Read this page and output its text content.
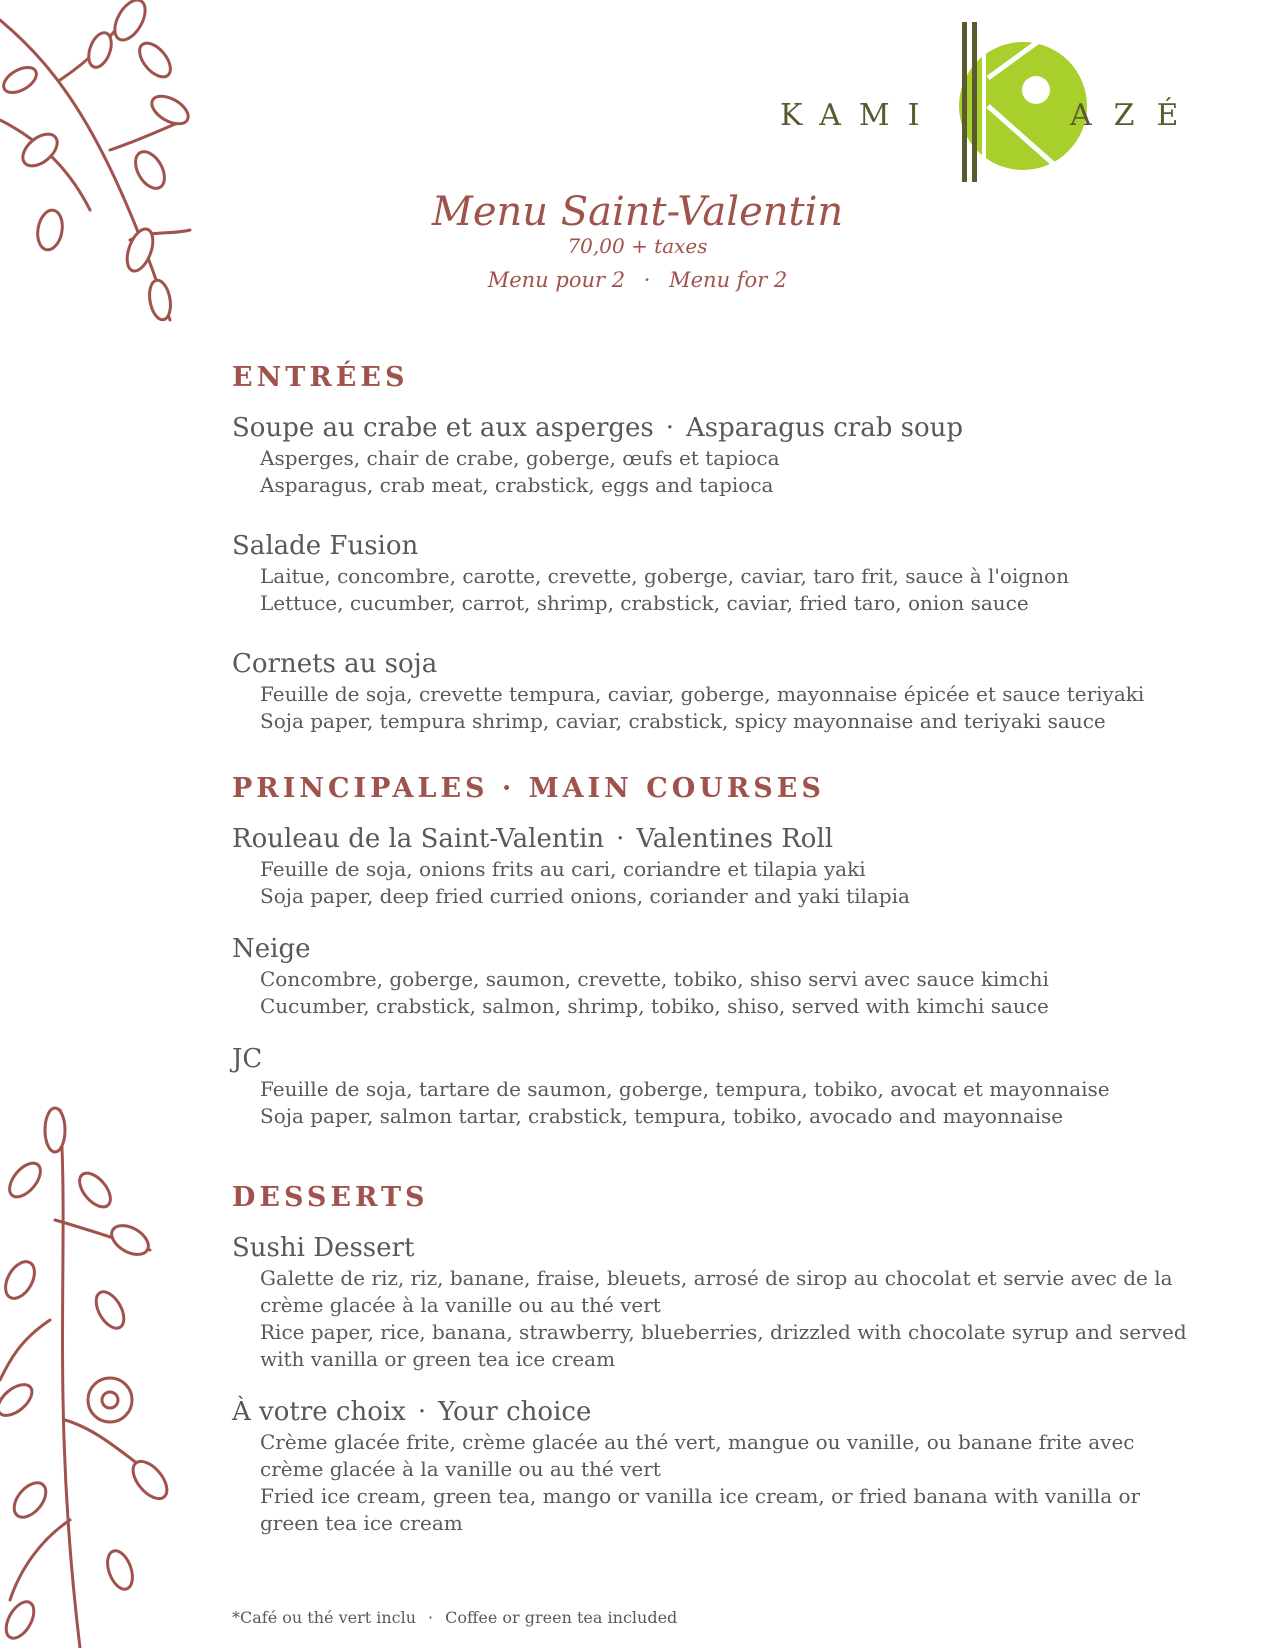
KAMI	AZÉ
Menu Saint-Valentin
70,00 + taxes
Menu pour 2 · Menu for 2
ENTRÉES

Soupe au crabe et aux asperges · Asparagus crab soup

Asperges, chair de crabe, goberge, œufs et tapioca
Asparagus, crab meat, crabstick, eggs and tapioca

Salade Fusion

Laitue, concombre, carotte, crevette, goberge, caviar, taro frit, sauce à l'oignon
Lettuce, cucumber, carrot, shrimp, crabstick, caviar, fried taro, onion sauce

Cornets au soja

Feuille de soja, crevette tempura, caviar, goberge, mayonnaise épicée et sauce teriyaki
Soja paper, tempura shrimp, caviar, crabstick, spicy mayonnaise and teriyaki sauce
PRINCIPALES · MAIN COURSES

Rouleau de la Saint-Valentin · Valentines Roll

Feuille de soja, onions frits au cari, coriandre et tilapia yaki
Soja paper, deep fried curried onions, coriander and yaki tilapia

Neige

Concombre, goberge, saumon, crevette, tobiko, shiso servi avec sauce kimchi
Cucumber, crabstick, salmon, shrimp, tobiko, shiso, served with kimchi sauce

JC

Feuille de soja, tartare de saumon, goberge, tempura, tobiko, avocat et mayonnaise
Soja paper, salmon tartar, crabstick, tempura, tobiko, avocado and mayonnaise
DESSERTS

Sushi Dessert

Galette de riz, riz, banane, fraise, bleuets, arrosé de sirop au chocolat et servie avec de la crème glacée à la vanille ou au thé vert
Rice paper, rice, banana, strawberry, blueberries, drizzled with chocolate syrup and served with vanilla or green tea ice cream

À votre choix · Your choice

Crème glacée frite, crème glacée au thé vert, mangue ou vanille, ou banane frite avec crème glacée à la vanille ou au thé vert
Fried ice cream, green tea, mango or vanilla ice cream, or fried banana with vanilla or green tea ice cream
*Café ou thé vert inclu · Coffee or green tea included
